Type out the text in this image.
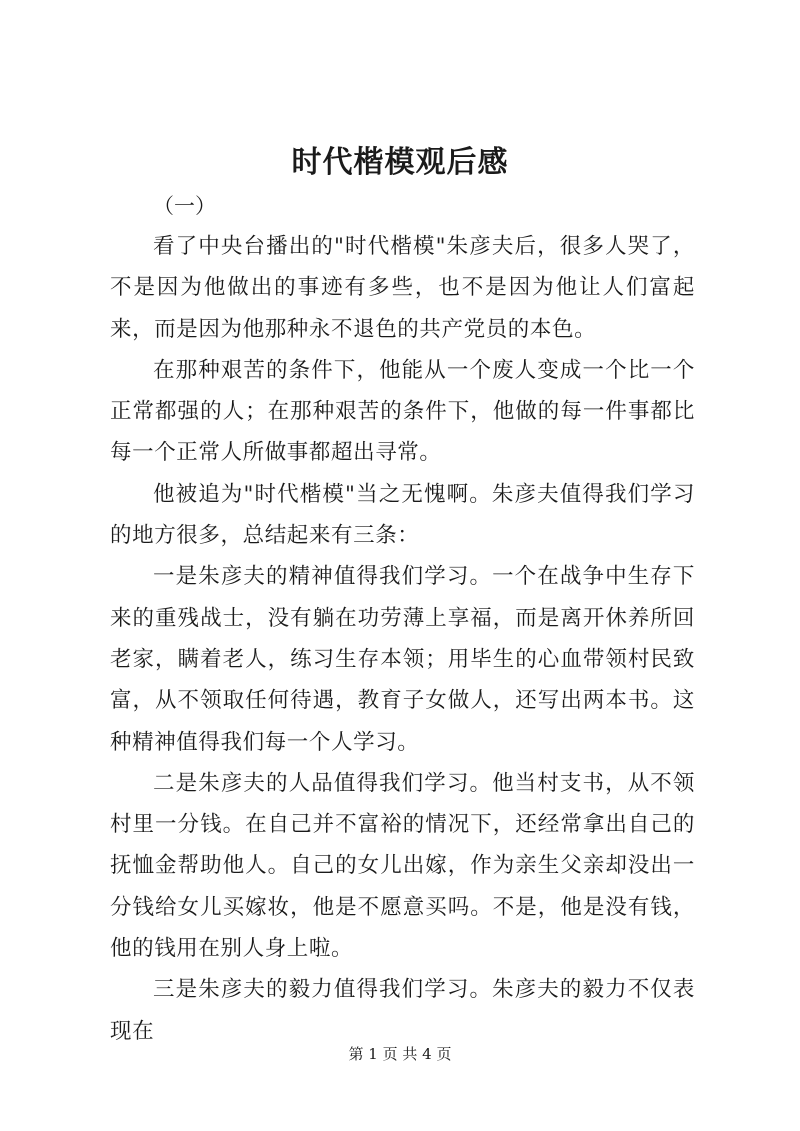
时代楷模观后感
（一）

看了中央台播出的"时代楷模"朱彦夫后，很多人哭了，不是因为他做出的事迹有多些，也不是因为他让人们富起来，而是因为他那种永不退色的共产党员的本色。

在那种艰苦的条件下，他能从一个废人变成一个比一个正常都强的人；在那种艰苦的条件下，他做的每一件事都比每一个正常人所做事都超出寻常。

他被追为"时代楷模"当之无愧啊。朱彦夫值得我们学习的地方很多，总结起来有三条：

一是朱彦夫的精神值得我们学习。一个在战争中生存下来的重残战士，没有躺在功劳薄上享福，而是离开休养所回老家，瞒着老人，练习生存本领；用毕生的心血带领村民致富，从不领取任何待遇，教育子女做人，还写出两本书。这种精神值得我们每一个人学习。

二是朱彦夫的人品值得我们学习。他当村支书，从不领村里一分钱。在自己并不富裕的情况下，还经常拿出自己的抚恤金帮助他人。自己的女儿出嫁，作为亲生父亲却没出一分钱给女儿买嫁妆，他是不愿意买吗。不是，他是没有钱，他的钱用在别人身上啦。

三是朱彦夫的毅力值得我们学习。朱彦夫的毅力不仅表现在

第 1 页 共 4 页
